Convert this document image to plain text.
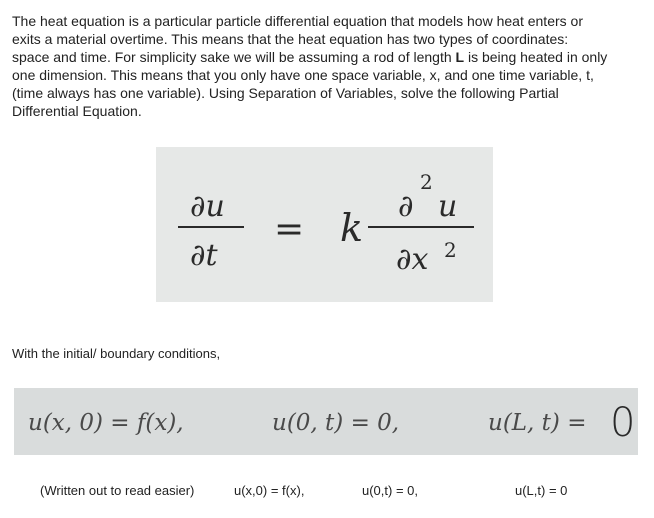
The heat equation is a particular particle differential equation that models how heat enters or
exits a material overtime. This means that the heat equation has two types of coordinates:
space and time. For simplicity sake we will be assuming a rod of length L is being heated in only
one dimension. This means that you only have one space variable, x, and one time variable, t,
(time always has one variable). Using Separation of Variables, solve the following Partial
Differential Equation.

∂u
∂t
= k ∂
2
u
∂x 2

With the initial/ boundary conditions,

u(x, 0) = f(x),	u(0, t) = 0,	u(L, t) = 0
(Written out to read easier)	u(x,0) = f(x),	u(0,t) = 0,	u(L,t) = 0
